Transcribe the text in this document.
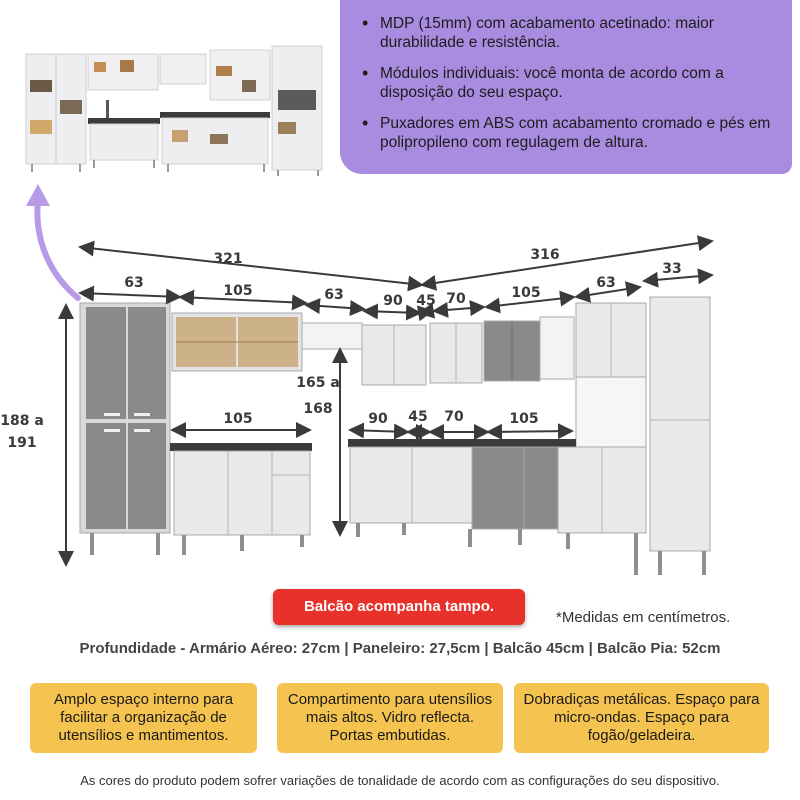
• MDP (15mm) com acabamento acetinado: maior durabilidade e resistência.
• Módulos individuais: você monta de acordo com a disposição do seu espaço.
• Puxadores em ABS com acabamento cromado e pés em polipropileno com regulagem de altura.
321	316
63	105	63	90 45 70	105
63
33
188 a
191
165 a
168
105	90 45 70	105
Balcão acompanha tampo.
*Medidas em centímetros.
Profundidade - Armário Aéreo: 27cm | Paneleiro: 27,5cm | Balcão 45cm | Balcão Pia: 52cm
Amplo espaço interno para facilitar a organização de utensílios e mantimentos.
Compartimento para utensílios mais altos. Vidro reflecta. Portas embutidas.
Dobradiças metálicas. Espaço para micro-ondas. Espaço para fogão/geladeira.
As cores do produto podem sofrer variações de tonalidade de acordo com as configurações do seu dispositivo.
